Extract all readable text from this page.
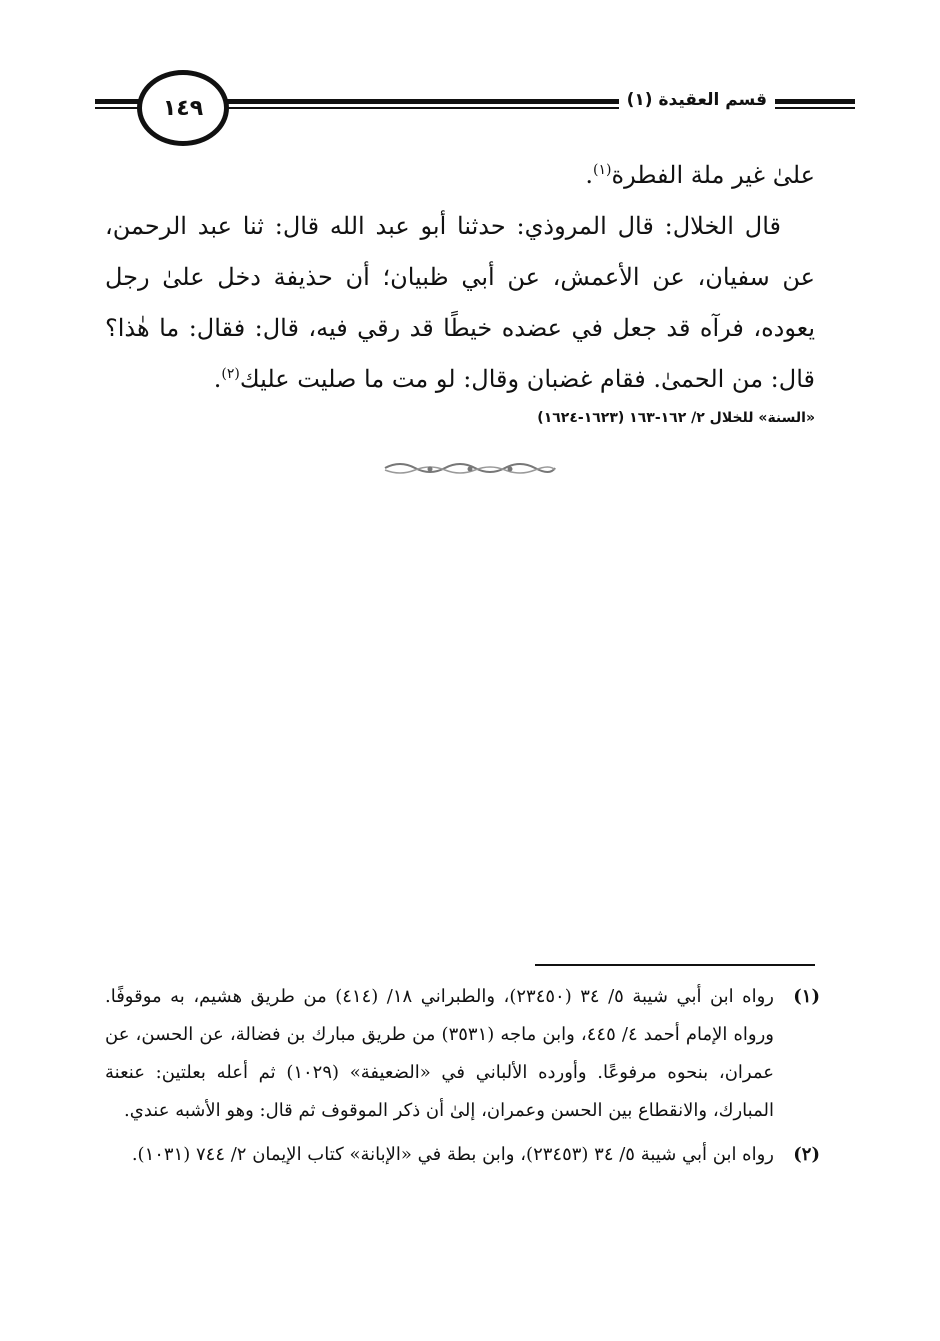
١٤٩	قسم العقيدة (١)

علىٰ غير ملة الفطرة$^{(١)}$.

قال الخلال: قال المروذي: حدثنا أبو عبد الله قال: ثنا عبد الرحمن، عن سفيان، عن الأعمش، عن أبي ظبيان؛ أن حذيفة دخل علىٰ رجل يعوده، فرآه قد جعل في عضده خيطًا قد رقي فيه، قال: فقال: ما هٰذا؟ قال: من الحمىٰ. فقام غضبان وقال: لو مت ما صليت عليك$^{(٢)}$.

«السنة» للخلال ٢/ ١٦٢-١٦٣ (١٦٢٣-١٦٢٤)
(١)
رواه ابن أبي شيبة ٥/ ٣٤ (٢٣٤٥٠)، والطبراني ١٨/ (٤١٤) من طريق هشيم، به موقوفًا. ورواه الإمام أحمد ٤/ ٤٤٥، وابن ماجه (٣٥٣١) من طريق مبارك بن فضالة، عن الحسن، عن عمران، بنحوه مرفوعًا. وأورده الألباني في «الضعيفة» (١٠٢٩) ثم أعله بعلتين: عنعنة المبارك، والانقطاع بين الحسن وعمران، إلىٰ أن ذكر الموقوف ثم قال: وهو الأشبه عندي.
(٢)
رواه ابن أبي شيبة ٥/ ٣٤ (٢٣٤٥٣)، وابن بطة في «الإبانة» كتاب الإيمان ٢/ ٧٤٤ (١٠٣١).
